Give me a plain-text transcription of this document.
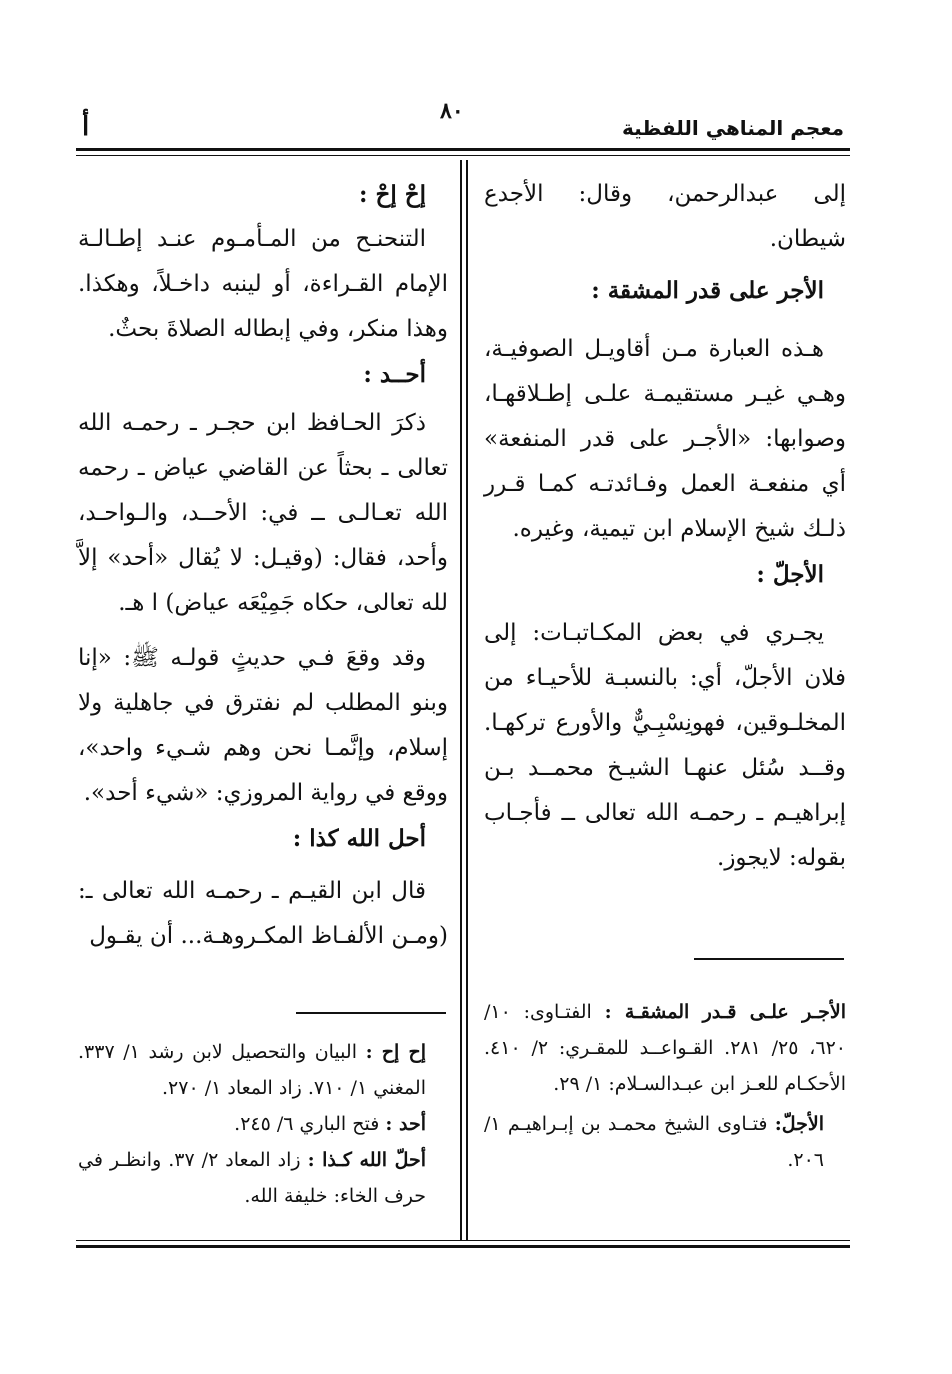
معجم المناهي اللفظية
٨٠
أ

إلى عبدالرحمن، وقال: الأجدع شيطان.

الأجر على قدر المشقة :

هـذه العبارة مـن أقاويـل الصوفيـة، وهـي غيـر مستقيمـة علـى إطـلاقهـا، وصوابها: «الأجـر على قدر المنفعة» أي منفعـة العمل وفـائدتـه كمـا قـرر ذلـك شيخ الإسلام ابن تيمية، وغيره.

الأجلّ :

يجـري في بعض المكـاتبـات: إلى فلان الأجلّ، أي: بالنسبـة للأحيـاء من المخلـوقين، فهونِسْبِـيٌّ والأورع تركهـا. وقــد سُئل عنهـا الشيـخ محمــد بـن إبراهيـم ـ رحمـه الله تعالى ــ فأجـاب بقوله: لايجوز.

إحْ إحْ :

التنحنـح من المـأمـوم عنـد إطـالـة الإمام القـراءة، أو لينبه داخـلاً، وهكذا. وهذا منكر، وفي إبطاله الصلاةَ بحثٌ.

أحــد :

ذكرَ الحـافظ ابن حجـر ـ رحمـه الله تعالى ـ بحثاً عن القاضي عياض ـ رحمه الله تعـالـى ــ في: الأحــد، والـواحـد، وأحد، فقال: (وقيـل: لا يُقال «أحد» إلاَّ لله تعالى، حكاه جَمِيْعَه عياض) ا هـ.

وقد وقعَ فـي حديثٍ قولـه ﷺ: «إنا وبنو المطلب لم نفترق في جاهلية ولا إسلام، وإنَّمـا نحن وهم شـيء واحد»، ووقع في رواية المروزي: «شيء أحد».

أحل الله كذا :

قال ابن القيـم ـ رحمـه الله تعالى ـ: (ومـن الألفـاظ المكـروهـة... أن يقـول

الأجـر علـى قـدر المشقـة : الفتـاوى: ١٠/ ٦٢٠، ٢٥/ ٢٨١. القـواعــد للمقـري: ٢/ ٤١٠. الأحكـام للعـز ابن عبـدالسـلام: ١/ ٢٩.

الأجلّ: فتـاوى الشيخ محمـد بن إبـراهيـم ١/ ٢٠٦.

إح إح : البيان والتحصيل لابن رشد ١/ ٣٣٧. المغني ١/ ٧١٠. زاد المعاد ١/ ٢٧٠.

أحد : فتح الباري ٦/ ٢٤٥.

أحلّ الله كـذا : زاد المعاد ٢/ ٣٧. وانظـر في حرف الخاء: خليفة الله.
